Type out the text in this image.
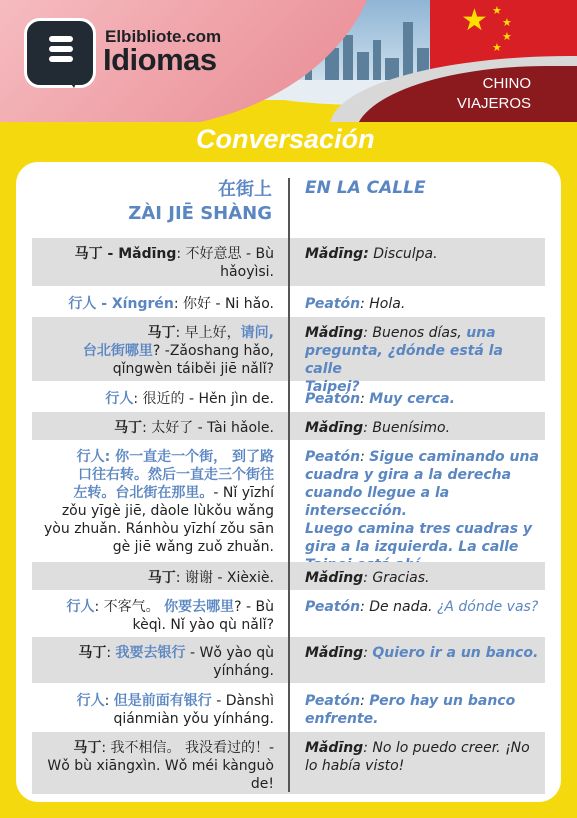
★ ★
★
★
★
Elbibliote.com
Idiomas
CHINO
VIAJEROS
Conversación
在街上
ZÀI JIĒ SHÀNG
EN LA CALLE
马丁 - Mǎdīng: 不好意思 - Bù hǎoyìsi.
Mǎdīng: Disculpa.
行人 - Xíngrén: 你好 - Ni hǎo. Peatón: Hola.
马丁: 早上好，请问,
台北街哪里? -Zǎoshang hǎo,
qǐngwèn táiběi jiē nǎlǐ?
Mǎdīng: Buenos días, una
pregunta, ¿dónde está la calle
Taipei?
行人: 很近的 - Hěn jìn de. Peatón: Muy cerca.
马丁: 太好了 - Tài hǎole. Mǎdīng: Buenísimo.
行人: 你一直走一个街， 到了路
口往右转。然后一直走三个街往
左转。台北街在那里。- Nǐ yīzhí
zǒu yīgè jiē, dàole lùkǒu wǎng
yòu zhuǎn. Ránhòu yīzhí zǒu sān
gè jiē wǎng zuǒ zhuǎn.
Peatón: Sigue caminando una
cuadra y gira a la derecha
cuando llegue a la intersección.
Luego camina tres cuadras y
gira a la izquierda. La calle
马丁: 谢谢 - Xièxiè. Mǎdīng: Gracias.
行人: 不客气。 你要去哪里? - Bù
kèqì. Nǐ yào qù nǎlǐ?
Peatón: De nada. ¿A dónde vas?
马丁: 我要去银行 - Wǒ yào qù
yínháng.
Mǎdīng: Quiero ir a un banco.
行人: 但是前面有银行 - Dànshì
qiánmiàn yǒu yínháng.
Peatón: Pero hay un banco
enfrente.
马丁: 我不相信。 我没看过的！-
Wǒ bù xiāngxìn. Wǒ méi kànguò
de!
Mǎdīng: No lo puedo creer. ¡No
lo había visto!
